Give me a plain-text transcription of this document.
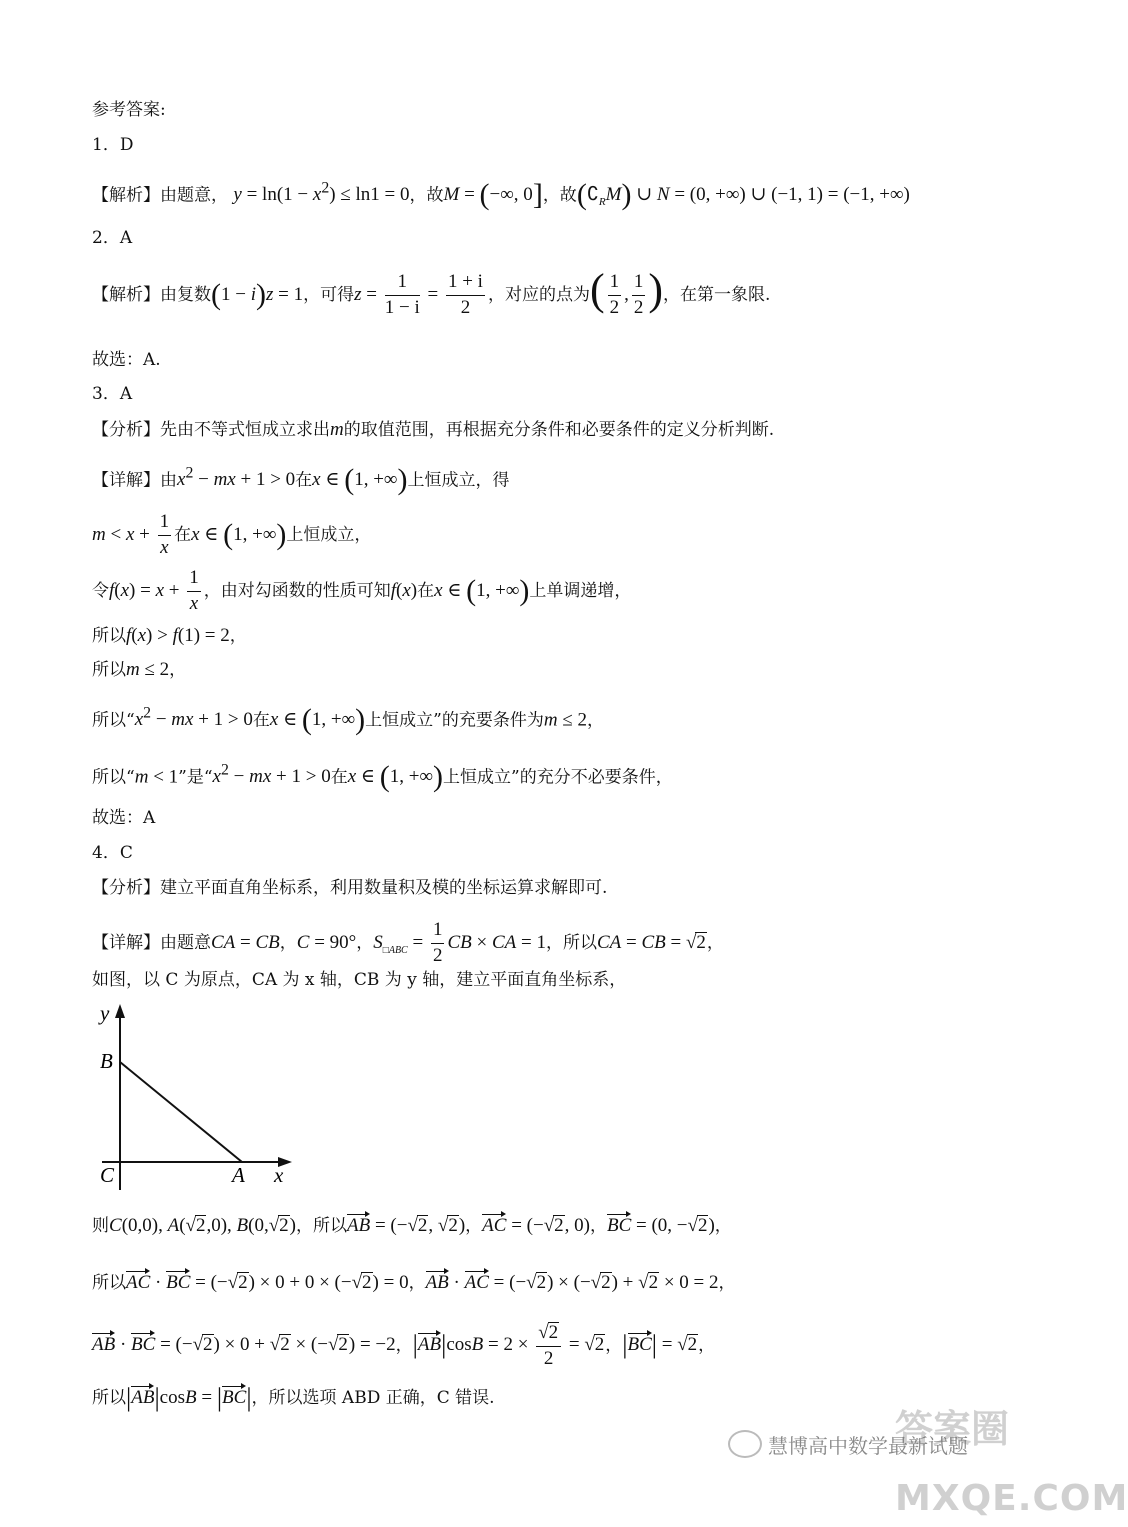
参考答案:
1．D
【解析】由题意， $y = \ln(1 - x^2) \le \ln 1 = 0$，故M = (−∞, 0]，故$(∁_RM)$ ∪ N = (0, +∞) ∪ (−1, 1) = (−1, +∞)
2．A
【解析】由复数(1 − i)z = 1，可得$z = \frac{1}{1 - i} = \frac{1 + i}{2}$ ，对应的点为( $\frac{1}{2}$ , $\frac{1}{2}$ )，在第一象限.
故选：A.
3．A
【分析】先由不等式恒成立求出m的取值范围，再根据充分条件和必要条件的定义分析判断.
【详解】由$x^2$ − mx + 1 > 0在x ∈ (1, +∞)上恒成立，得
$m < x + \frac{1}{x}$ 在x ∈ (1, +∞)上恒成立，
令$f(x) = x + \frac{1}{x}$ ，由对勾函数的性质可知f(x)在x ∈ (1, +∞)上单调递增，
所以f(x) > f(1) = 2，
所以m ≤ 2，
所以“$x^2$ − mx + 1 > 0在x ∈ (1, +∞)上恒成立”的充要条件为m ≤ 2，
所以“m < 1”是“$x^2$ − mx + 1 > 0在x ∈ (1, +∞)上恒成立”的充分不必要条件，
故选：A
4．C
【分析】建立平面直角坐标系，利用数量积及模的坐标运算求解即可.
【详解】由题意CA = CB，C = 90°，$S_{□ABC} = \frac{1}{2}$ CB × CA = 1，所以CA = CB = √2，
如图，以 C 为原点，CA 为 x 轴，CB 为 y 轴，建立平面直角坐标系，
y
B
C	A x
则C(0,0), A(√2,0), B(0,√2)，所以AB = (−√2, √2)，AC = (−√2, 0)，BC = (0, −√2)，
所以AC · BC = (−√2) × 0 + 0 × (−√2) = 0，AB · AC = (−√2) × (−√2) + √2 × 0 = 2，
AB · BC = (−√2) × 0 + √2 × (−√2) = −2，$|AB|\cos B = 2 \times \frac{√2}{2} = √2$，|BC| = √2，
所以|AB|cosB = |BC|，所以选项 ABD 正确，C 错误.
慧博高中数学最新试题
答案圈
MXQE.COM
